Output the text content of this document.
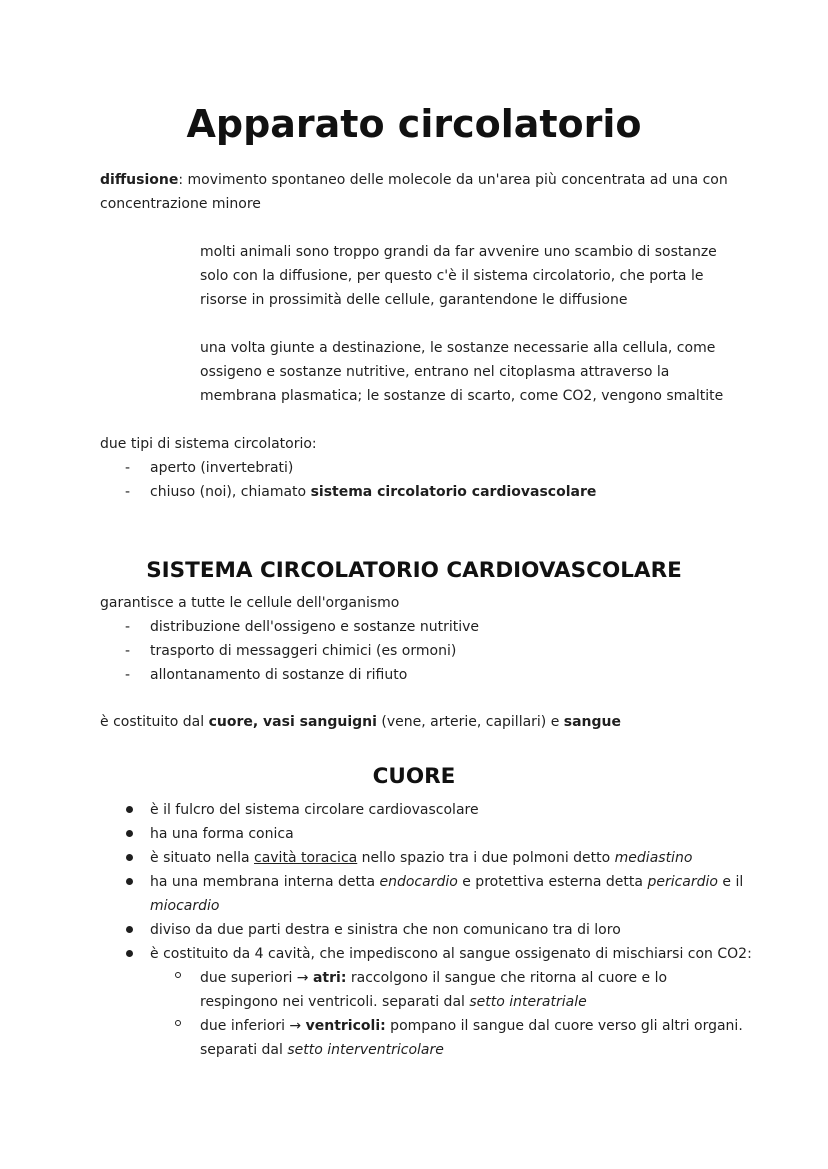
Apparato circolatorio
diffusione: movimento spontaneo delle molecole da un'area più concentrata ad una con
concentrazione minore
molti animali sono troppo grandi da far avvenire uno scambio di sostanze
solo con la diffusione, per questo c'è il sistema circolatorio, che porta le
risorse in prossimità delle cellule, garantendone le diffusione
una volta giunte a destinazione, le sostanze necessarie alla cellula, come
ossigeno e sostanze nutritive, entrano nel citoplasma attraverso la
membrana plasmatica; le sostanze di scarto, come CO2, vengono smaltite
due tipi di sistema circolatorio:
- aperto (invertebrati)
- chiuso (noi), chiamato sistema circolatorio cardiovascolare
SISTEMA CIRCOLATORIO CARDIOVASCOLARE
garantisce a tutte le cellule dell'organismo
- distribuzione dell'ossigeno e sostanze nutritive
- trasporto di messaggeri chimici (es ormoni)
- allontanamento di sostanze di rifiuto
è costituito dal cuore, vasi sanguigni (vene, arterie, capillari) e sangue
CUORE
è il fulcro del sistema circolare cardiovascolare
ha una forma conica
è situato nella cavità toracica nello spazio tra i due polmoni detto mediastino
ha una membrana interna detta endocardio e protettiva esterna detta pericardio e il
miocardio
diviso da due parti destra e sinistra che non comunicano tra di loro
è costituito da 4 cavità, che impediscono al sangue ossigenato di mischiarsi con CO2:
due superiori → atri: raccolgono il sangue che ritorna al cuore e lo
respingono nei ventricoli. separati dal setto interatriale
due inferiori → ventricoli: pompano il sangue dal cuore verso gli altri organi.
separati dal setto interventricolare
